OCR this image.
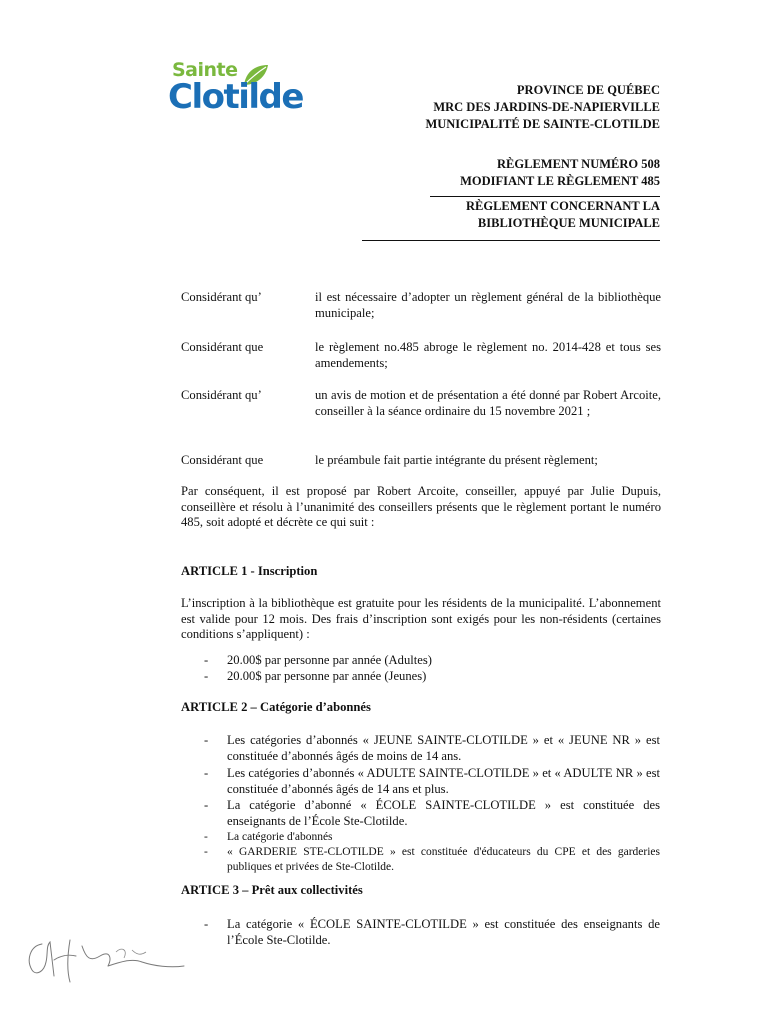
Sainte
Clotilde	PROVINCE DE QUÉBEC
MRC DES JARDINS-DE-NAPIERVILLE
MUNICIPALITÉ DE SAINTE-CLOTILDE
RÈGLEMENT NUMÉRO 508
MODIFIANT LE RÈGLEMENT 485
RÈGLEMENT CONCERNANT LA
BIBLIOTHÈQUE MUNICIPALE
Considérant qu’	il est nécessaire d’adopter un règlement général de la bibliothèque municipale;
Considérant que	le règlement no.485 abroge le règlement no. 2014-428 et tous ses amendements;
Considérant qu’	un avis de motion et de présentation a été donné par Robert Arcoite, conseiller à la séance ordinaire du 15 novembre 2021 ;
Considérant que	le préambule fait partie intégrante du présent règlement;
Par conséquent, il est proposé par Robert Arcoite, conseiller, appuyé par Julie Dupuis, conseillère et résolu à l’unanimité des conseillers présents que le règlement portant le numéro 485, soit adopté et décrète ce qui suit :
ARTICLE 1 - Inscription
L’inscription à la bibliothèque est gratuite pour les résidents de la municipalité. L’abonnement est valide pour 12 mois. Des frais d’inscription sont exigés pour les non-résidents (certaines conditions s’appliquent) :
- 20.00$ par personne par année (Adultes)
- 20.00$ par personne par année (Jeunes)
ARTICLE 2 – Catégorie d’abonnés
- Les catégories d’abonnés « JEUNE SAINTE-CLOTILDE » et « JEUNE NR » est constituée d’abonnés âgés de moins de 14 ans.
- Les catégories d’abonnés « ADULTE SAINTE-CLOTILDE » et « ADULTE NR » est constituée d’abonnés âgés de 14 ans et plus.
- La catégorie d’abonné « ÉCOLE SAINTE-CLOTILDE » est constituée des enseignants de l’École Ste-Clotilde.
- La catégorie d'abonnés
- « GARDERIE STE-CLOTILDE » est constituée d'éducateurs du CPE et des garderies publiques et privées de Ste-Clotilde.
ARTICE 3 – Prêt aux collectivités
- La catégorie « ÉCOLE SAINTE-CLOTILDE » est constituée des enseignants de l’École Ste-Clotilde.
